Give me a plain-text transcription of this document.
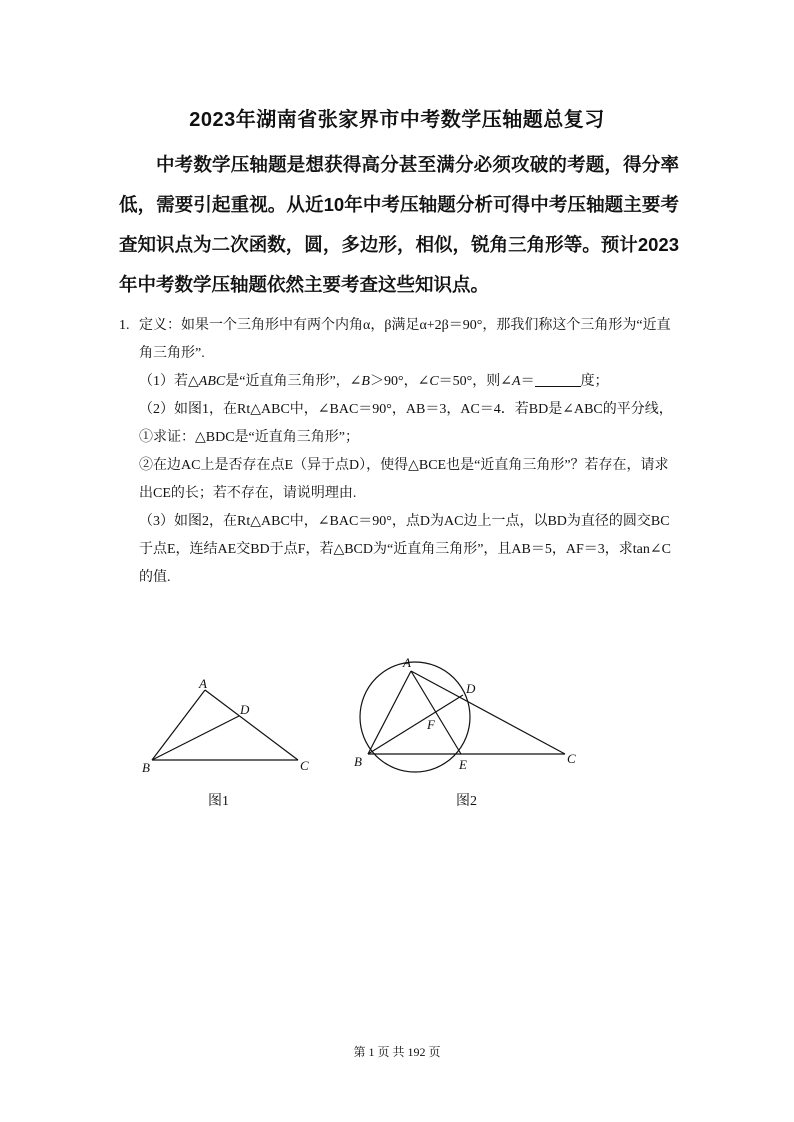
2023年湖南省张家界市中考数学压轴题总复习
中考数学压轴题是想获得高分甚至满分必须攻破的考题，得分率低，需要引起重视。从近10年中考压轴题分析可得中考压轴题主要考查知识点为二次函数，圆，多边形，相似，锐角三角形等。预计2023年中考数学压轴题依然主要考查这些知识点。

1. 定义：如果一个三角形中有两个内角α，β满足α+2β＝90°，那我们称这个三角形为“近直角三角形”.

（1）若△ABC是“近直角三角形”，∠B＞90°，∠C＝50°，则∠A＝	度；

（2）如图1，在Rt△ABC中，∠BAC＝90°，AB＝3，AC＝4．若BD是∠ABC的平分线，

①求证：△BDC是“近直角三角形”；

②在边AC上是否存在点E（异于点D），使得△BCE也是“近直角三角形”？若存在，请求出CE的长；若不存在，请说明理由.

（3）如图2，在Rt△ABC中，∠BAC＝90°，点D为AC边上一点，以BD为直径的圆交BC于点E，连结AE交BD于点F，若△BCD为“近直角三角形”，且AB＝5，AF＝3，求tan∠C的值.

A
B	C
D
图1
A
B	C
D
E
F
图2
第 1 页 共 192 页
